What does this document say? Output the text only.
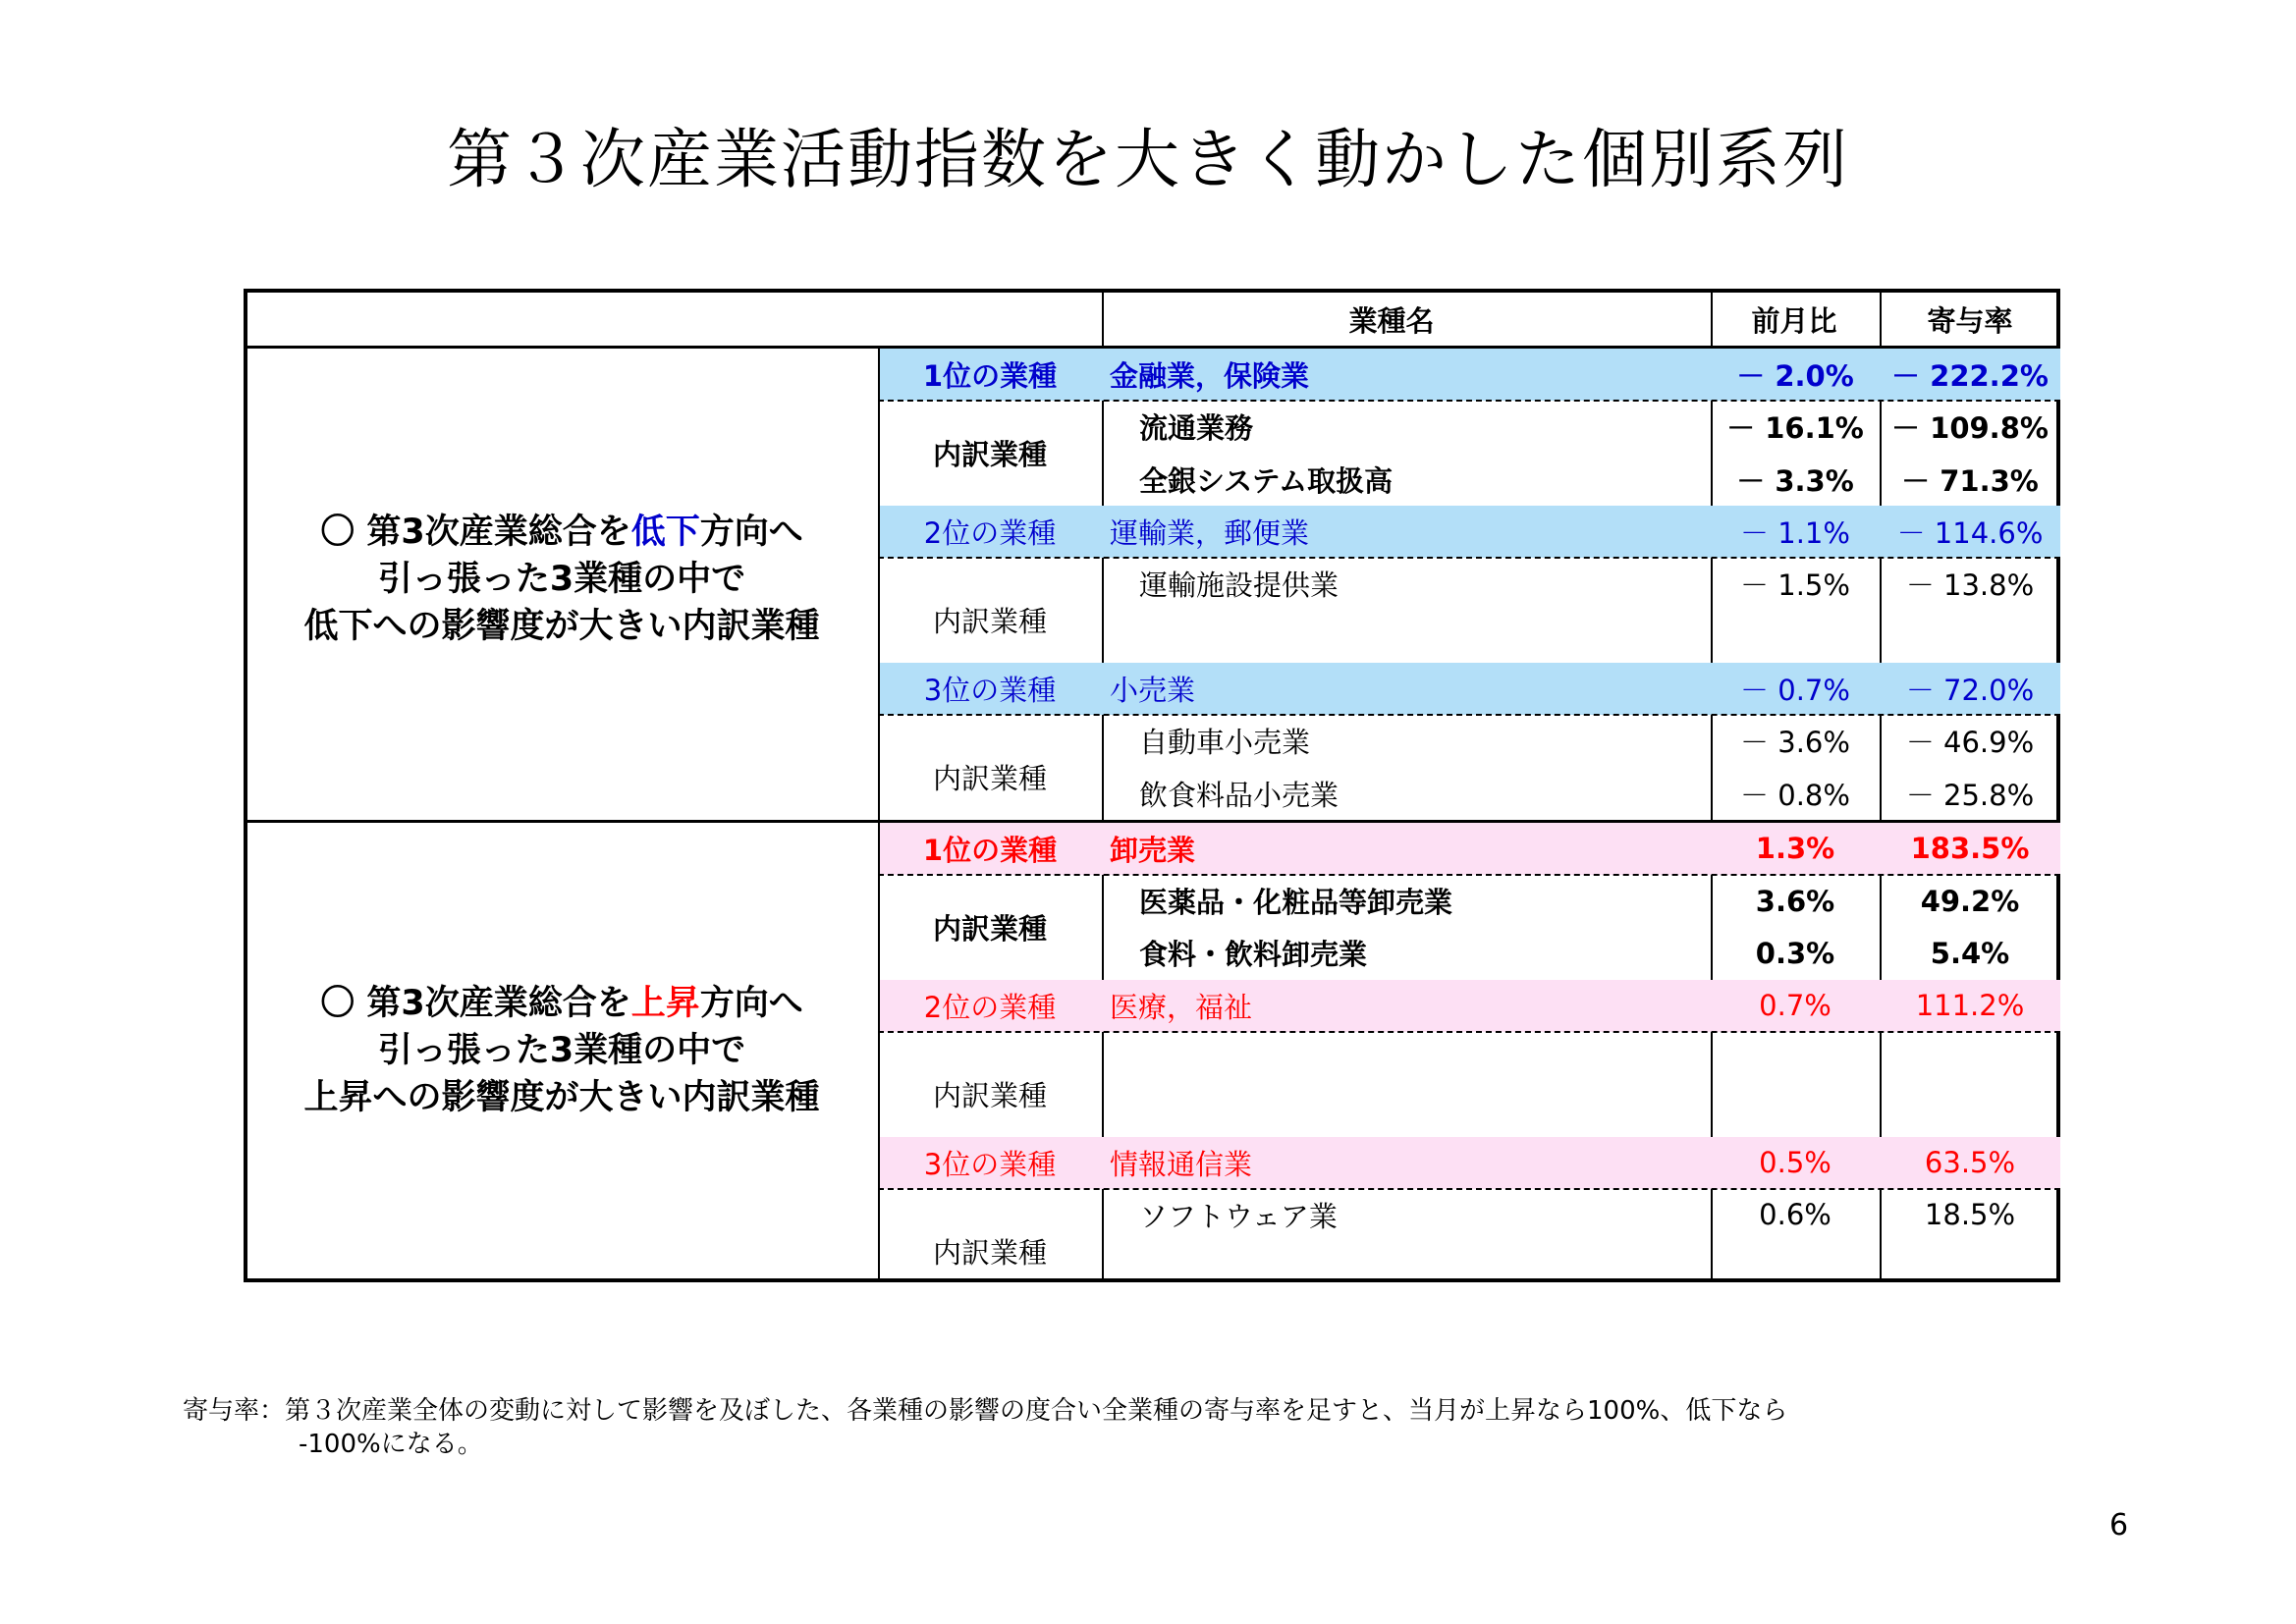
第３次産業活動指数を大きく動かした個別系列
業種名	前月比	寄与率
〇 第3次産業総合を低下方向へ
引っ張った3業種の中で
低下への影響度が大きい内訳業種
〇 第3次産業総合を上昇方向へ
引っ張った3業種の中で
上昇への影響度が大きい内訳業種
1位の業種	金融業，保険業	－ 2.0%	－ 222.2%
内訳業種
流通業務	－ 16.1% － 109.8%
全銀システム取扱高	－ 3.3%	－ 71.3%
2位の業種	運輸業，郵便業	－ 1.1%	－ 114.6%
内訳業種
運輸施設提供業	－ 1.5%	－ 13.8%
3位の業種	小売業	－ 0.7%	－ 72.0%
内訳業種
自動車小売業	－ 3.6%	－ 46.9%
飲食料品小売業	－ 0.8%	－ 25.8%
1位の業種	卸売業	1.3%	183.5%
内訳業種
医薬品・化粧品等卸売業	3.6%	49.2%
食料・飲料卸売業	0.3%	5.4%
2位の業種	医療，福祉	0.7%	111.2%
内訳業種
3位の業種	情報通信業	0.5%	63.5%
内訳業種
ソフトウェア業	0.6%	18.5%
寄与率：第３次産業全体の変動に対して影響を及ぼした、各業種の影響の度合い全業種の寄与率を足すと、当月が上昇なら100%、低下なら
-100%になる。
6
